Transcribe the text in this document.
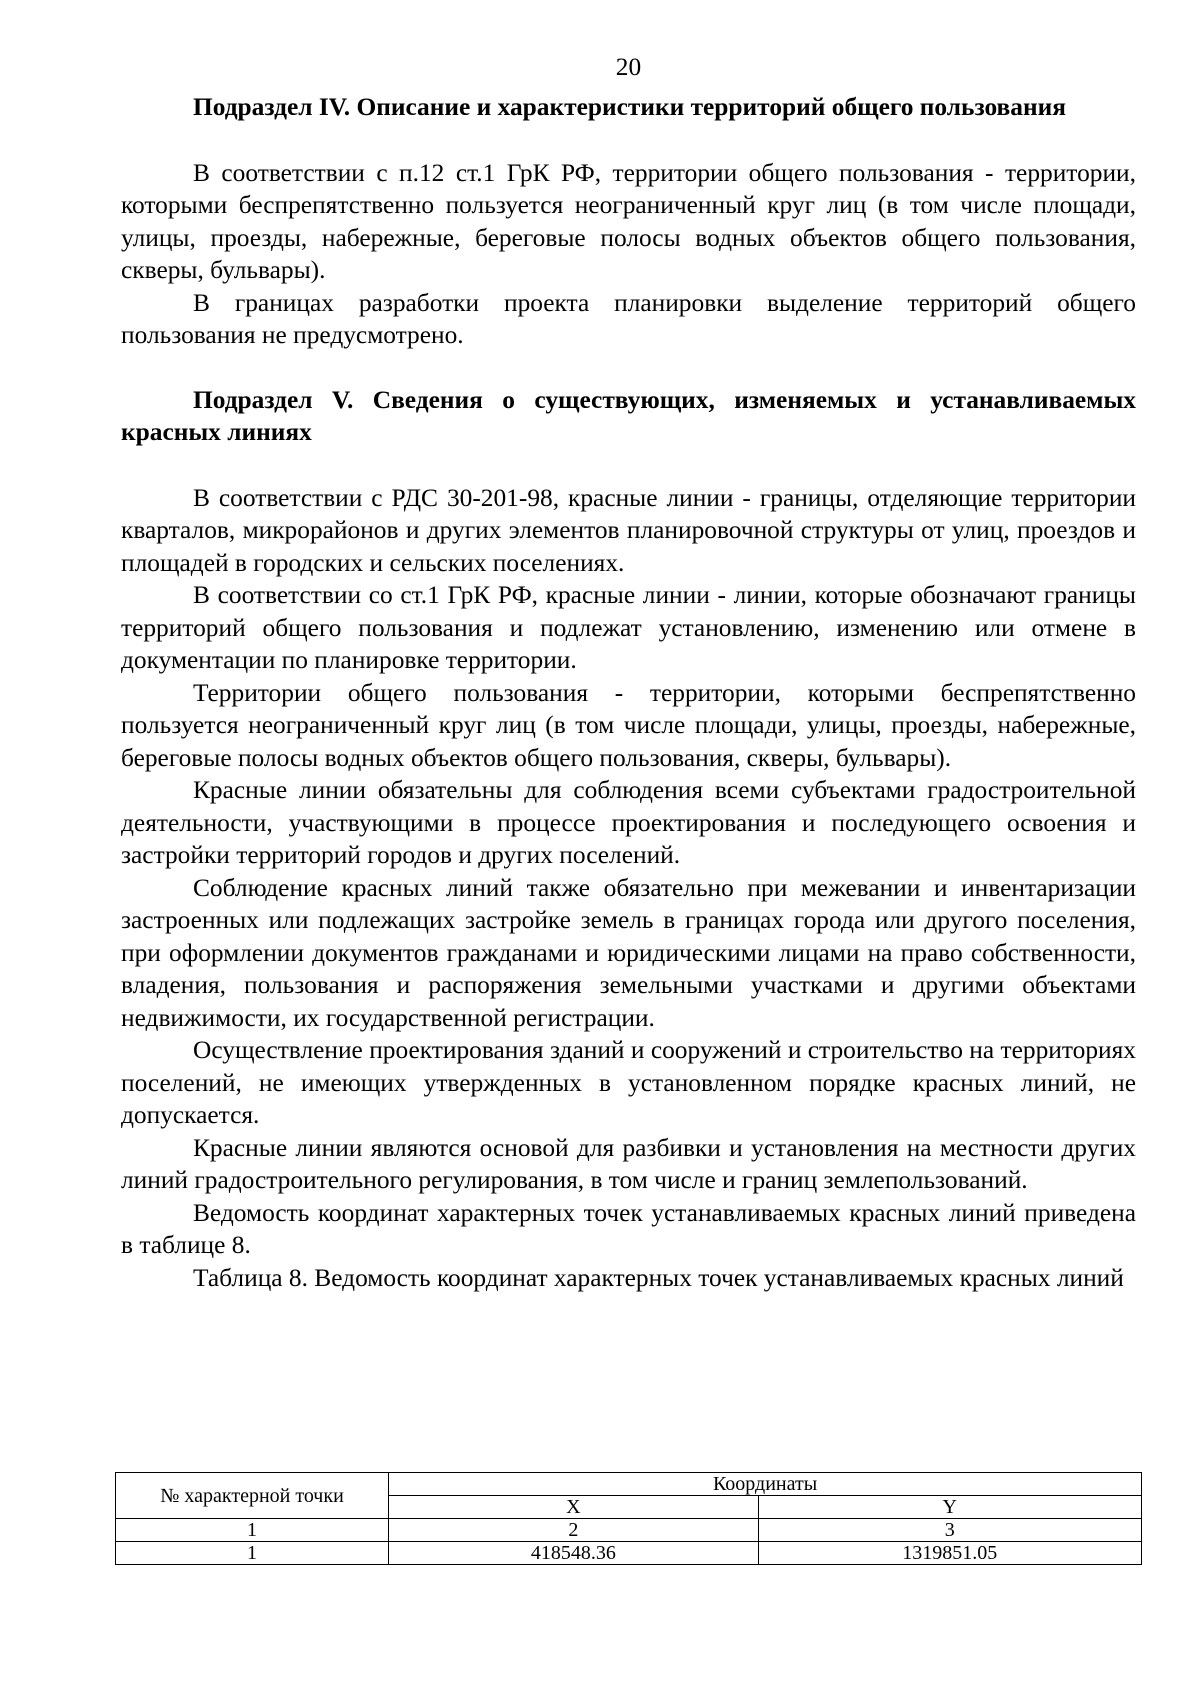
20

Подраздел IV. Описание и характеристики территорий общего пользования

В соответствии с п.12 ст.1 ГрК РФ, территории общего пользования - территории, которыми беспрепятственно пользуется неограниченный круг лиц (в том числе площади, улицы, проезды, набережные, береговые полосы водных объектов общего пользования, скверы, бульвары).

В границах разработки проекта планировки выделение территорий общего пользования не предусмотрено.

Подраздел V. Сведения о существующих, изменяемых и устанавливаемых красных линиях

В соответствии с РДС 30-201-98, красные линии - границы, отделяющие территории кварталов, микрорайонов и других элементов планировочной структуры от улиц, проездов и площадей в городских и сельских поселениях.

В соответствии со ст.1 ГрК РФ, красные линии - линии, которые обозначают границы территорий общего пользования и подлежат установлению, изменению или отмене в документации по планировке территории.

Территории общего пользования - территории, которыми беспрепятственно пользуется неограниченный круг лиц (в том числе площади, улицы, проезды, набережные, береговые полосы водных объектов общего пользования, скверы, бульвары).

Красные линии обязательны для соблюдения всеми субъектами градостроительной деятельности, участвующими в процессе проектирования и последующего освоения и застройки территорий городов и других поселений.

Соблюдение красных линий также обязательно при межевании и инвентаризации застроенных или подлежащих застройке земель в границах города или другого поселения, при оформлении документов гражданами и юридическими лицами на право собственности, владения, пользования и распоряжения земельными участками и другими объектами недвижимости, их государственной регистрации.

Осуществление проектирования зданий и сооружений и строительство на территориях поселений, не имеющих утвержденных в установленном порядке красных линий, не допускается.

Красные линии являются основой для разбивки и установления на местности других линий градостроительного регулирования, в том числе и границ землепользований.

Ведомость координат характерных точек устанавливаемых красных линий приведена в таблице 8.

Таблица 8. Ведомость координат характерных точек устанавливаемых красных линий

№ характерной точки	Координаты	
	X	Y
1	2	3
1	418548.36	1319851.05
